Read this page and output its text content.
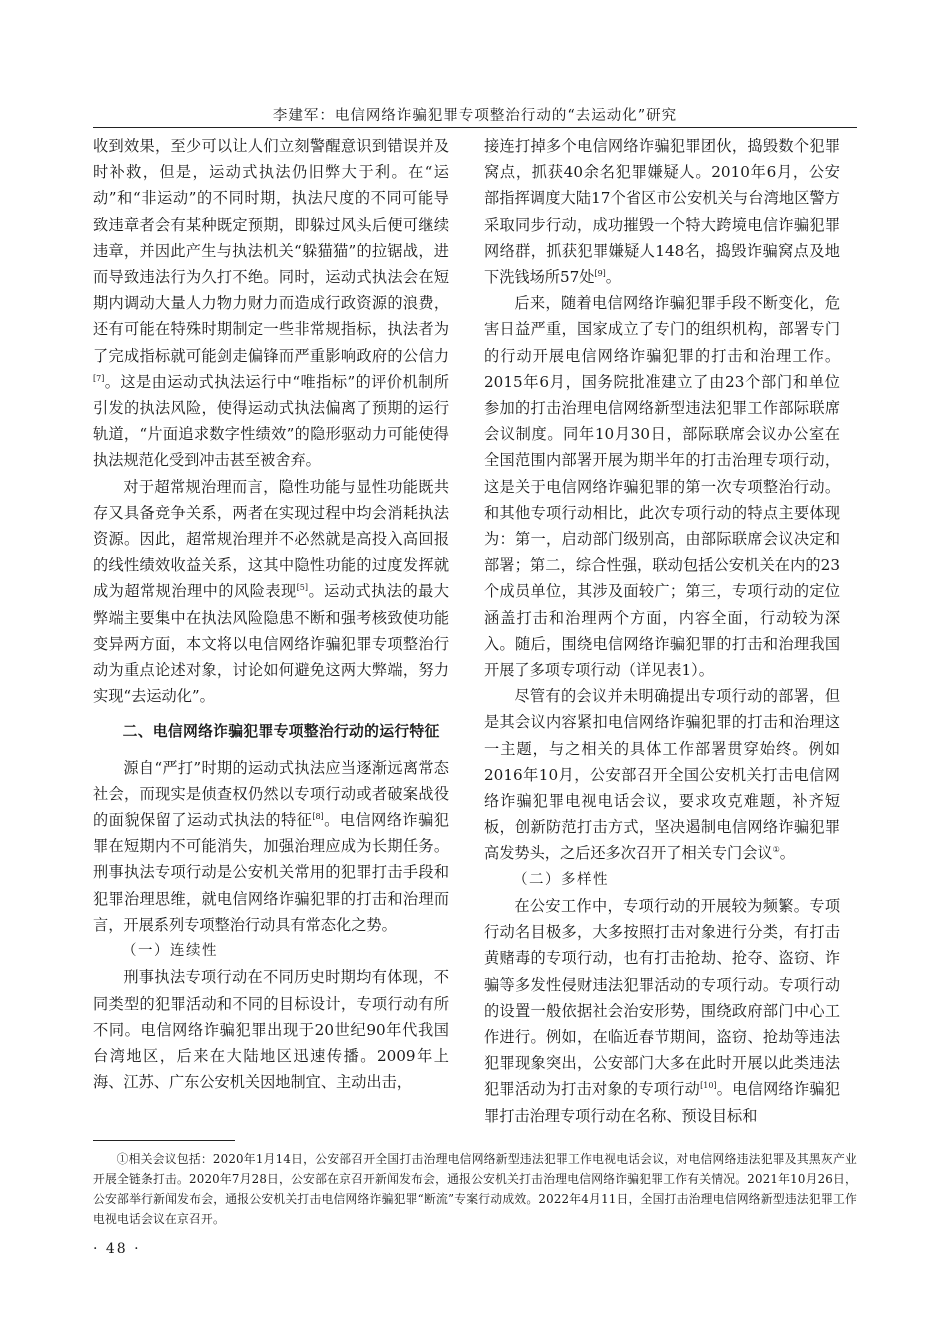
李建军：电信网络诈骗犯罪专项整治行动的“去运动化”研究

收到效果，至少可以让人们立刻警醒意识到错误并及时补救，但是，运动式执法仍旧弊大于利。在“运动”和“非运动”的不同时期，执法尺度的不同可能导致违章者会有某种既定预期，即躲过风头后便可继续违章，并因此产生与执法机关“躲猫猫”的拉锯战，进而导致违法行为久打不绝。同时，运动式执法会在短期内调动大量人力物力财力而造成行政资源的浪费，还有可能在特殊时期制定一些非常规指标，执法者为了完成指标就可能剑走偏锋而严重影响政府的公信力[7]。这是由运动式执法运行中“唯指标”的评价机制所引发的执法风险，使得运动式执法偏离了预期的运行轨道，“片面追求数字性绩效”的隐形驱动力可能使得执法规范化受到冲击甚至被舍弃。

对于超常规治理而言，隐性功能与显性功能既共存又具备竞争关系，两者在实现过程中均会消耗执法资源。因此，超常规治理并不必然就是高投入高回报的线性绩效收益关系，这其中隐性功能的过度发挥就成为超常规治理中的风险表现[5]。运动式执法的最大弊端主要集中在执法风险隐患不断和强考核致使功能变异两方面，本文将以电信网络诈骗犯罪专项整治行动为重点论述对象，讨论如何避免这两大弊端，努力实现“去运动化”。

二、电信网络诈骗犯罪专项整治行动的运行特征

源自“严打”时期的运动式执法应当逐渐远离常态社会，而现实是侦查权仍然以专项行动或者破案战役的面貌保留了运动式执法的特征[8]。电信网络诈骗犯罪在短期内不可能消失，加强治理应成为长期任务。刑事执法专项行动是公安机关常用的犯罪打击手段和犯罪治理思维，就电信网络诈骗犯罪的打击和治理而言，开展系列专项整治行动具有常态化之势。

（一）连续性

刑事执法专项行动在不同历史时期均有体现，不同类型的犯罪活动和不同的目标设计，专项行动有所不同。电信网络诈骗犯罪出现于20世纪90年代我国台湾地区，后来在大陆地区迅速传播。2009年上海、江苏、广东公安机关因地制宜、主动出击，

接连打掉多个电信网络诈骗犯罪团伙，捣毁数个犯罪窝点，抓获40余名犯罪嫌疑人。2010年6月，公安部指挥调度大陆17个省区市公安机关与台湾地区警方采取同步行动，成功摧毁一个特大跨境电信诈骗犯罪网络群，抓获犯罪嫌疑人148名，捣毁诈骗窝点及地下洗钱场所57处[9]。

后来，随着电信网络诈骗犯罪手段不断变化，危害日益严重，国家成立了专门的组织机构，部署专门的行动开展电信网络诈骗犯罪的打击和治理工作。2015年6月，国务院批准建立了由23个部门和单位参加的打击治理电信网络新型违法犯罪工作部际联席会议制度。同年10月30日，部际联席会议办公室在全国范围内部署开展为期半年的打击治理专项行动，这是关于电信网络诈骗犯罪的第一次专项整治行动。和其他专项行动相比，此次专项行动的特点主要体现为：第一，启动部门级别高，由部际联席会议决定和部署；第二，综合性强，联动包括公安机关在内的23个成员单位，其涉及面较广；第三，专项行动的定位涵盖打击和治理两个方面，内容全面，行动较为深入。随后，围绕电信网络诈骗犯罪的打击和治理我国开展了多项专项行动（详见表1）。

尽管有的会议并未明确提出专项行动的部署，但是其会议内容紧扣电信网络诈骗犯罪的打击和治理这一主题，与之相关的具体工作部署贯穿始终。例如2016年10月，公安部召开全国公安机关打击电信网络诈骗犯罪电视电话会议，要求攻克难题，补齐短板，创新防范打击方式，坚决遏制电信网络诈骗犯罪高发势头，之后还多次召开了相关专门会议①。

（二）多样性

在公安工作中，专项行动的开展较为频繁。专项行动名目极多，大多按照打击对象进行分类，有打击黄赌毒的专项行动，也有打击抢劫、抢夺、盗窃、诈骗等多发性侵财违法犯罪活动的专项行动。专项行动的设置一般依据社会治安形势，围绕政府部门中心工作进行。例如，在临近春节期间，盗窃、抢劫等违法犯罪现象突出，公安部门大多在此时开展以此类违法犯罪活动为打击对象的专项行动[10]。电信网络诈骗犯罪打击治理专项行动在名称、预设目标和

①相关会议包括：2020年1月14日，公安部召开全国打击治理电信网络新型违法犯罪工作电视电话会议，对电信网络违法犯罪及其黑灰产业开展全链条打击。2020年7月28日，公安部在京召开新闻发布会，通报公安机关打击治理电信网络诈骗犯罪工作有关情况。2021年10月26日，公安部举行新闻发布会，通报公安机关打击电信网络诈骗犯罪“断流”专案行动成效。2022年4月11日，全国打击治理电信网络新型违法犯罪工作电视电话会议在京召开。
· 48 ·
